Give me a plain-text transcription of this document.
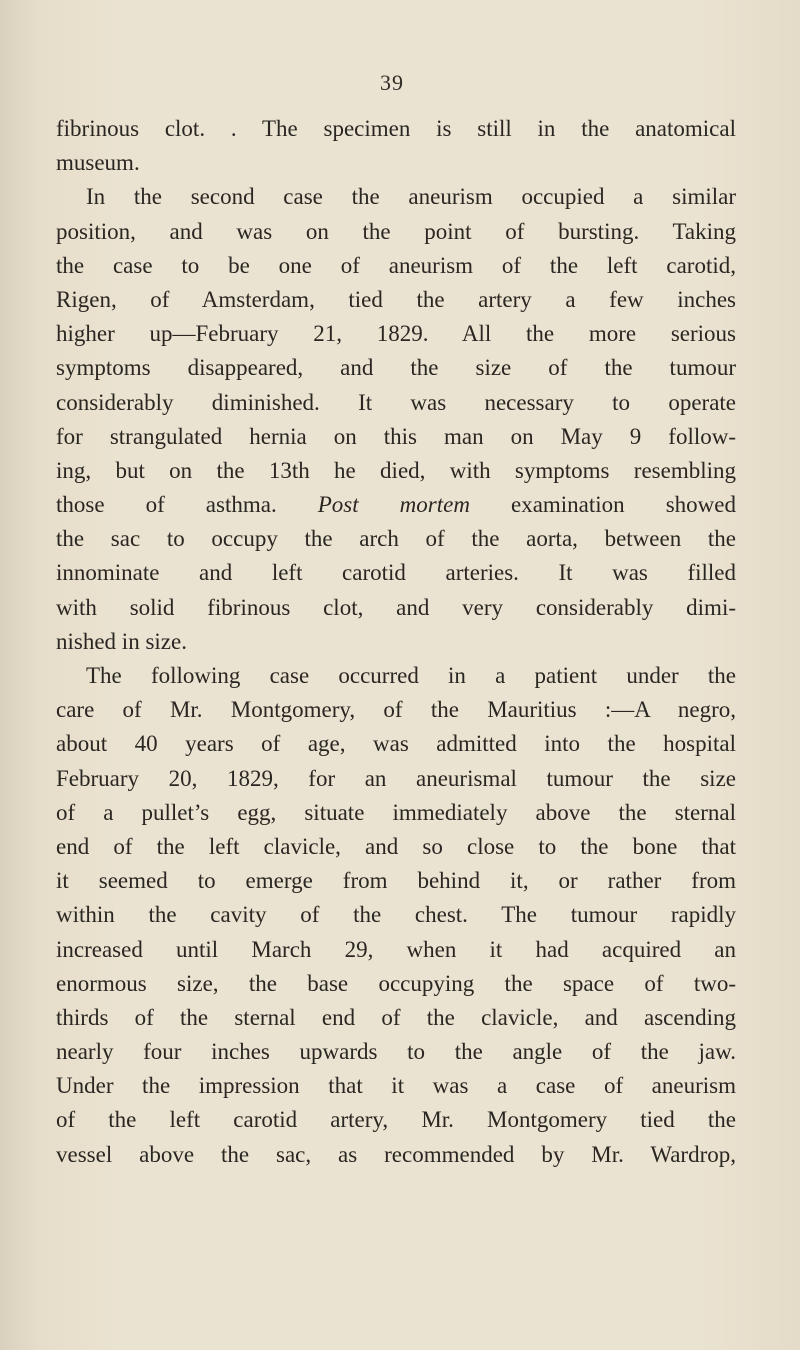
39
fibrinous clot. . The specimen is still in the anatomical
museum.
In the second case the aneurism occupied a similar
position, and was on the point of bursting. Taking
the case to be one of aneurism of the left carotid,
Rigen, of Amsterdam, tied the artery a few inches
higher up—February 21, 1829. All the more serious
symptoms disappeared, and the size of the tumour
considerably diminished. It was necessary to operate
for strangulated hernia on this man on May 9 follow-
ing, but on the 13th he died, with symptoms resembling
those of asthma. Post mortem examination showed
the sac to occupy the arch of the aorta, between the
innominate and left carotid arteries. It was filled
with solid fibrinous clot, and very considerably dimi-
nished in size.
The following case occurred in a patient under the
care of Mr. Montgomery, of the Mauritius :—A negro,
about 40 years of age, was admitted into the hospital
February 20, 1829, for an aneurismal tumour the size
of a pullet’s egg, situate immediately above the sternal
end of the left clavicle, and so close to the bone that
it seemed to emerge from behind it, or rather from
within the cavity of the chest. The tumour rapidly
increased until March 29, when it had acquired an
enormous size, the base occupying the space of two-
thirds of the sternal end of the clavicle, and ascending
nearly four inches upwards to the angle of the jaw.
Under the impression that it was a case of aneurism
of the left carotid artery, Mr. Montgomery tied the
vessel above the sac, as recommended by Mr. Wardrop,
